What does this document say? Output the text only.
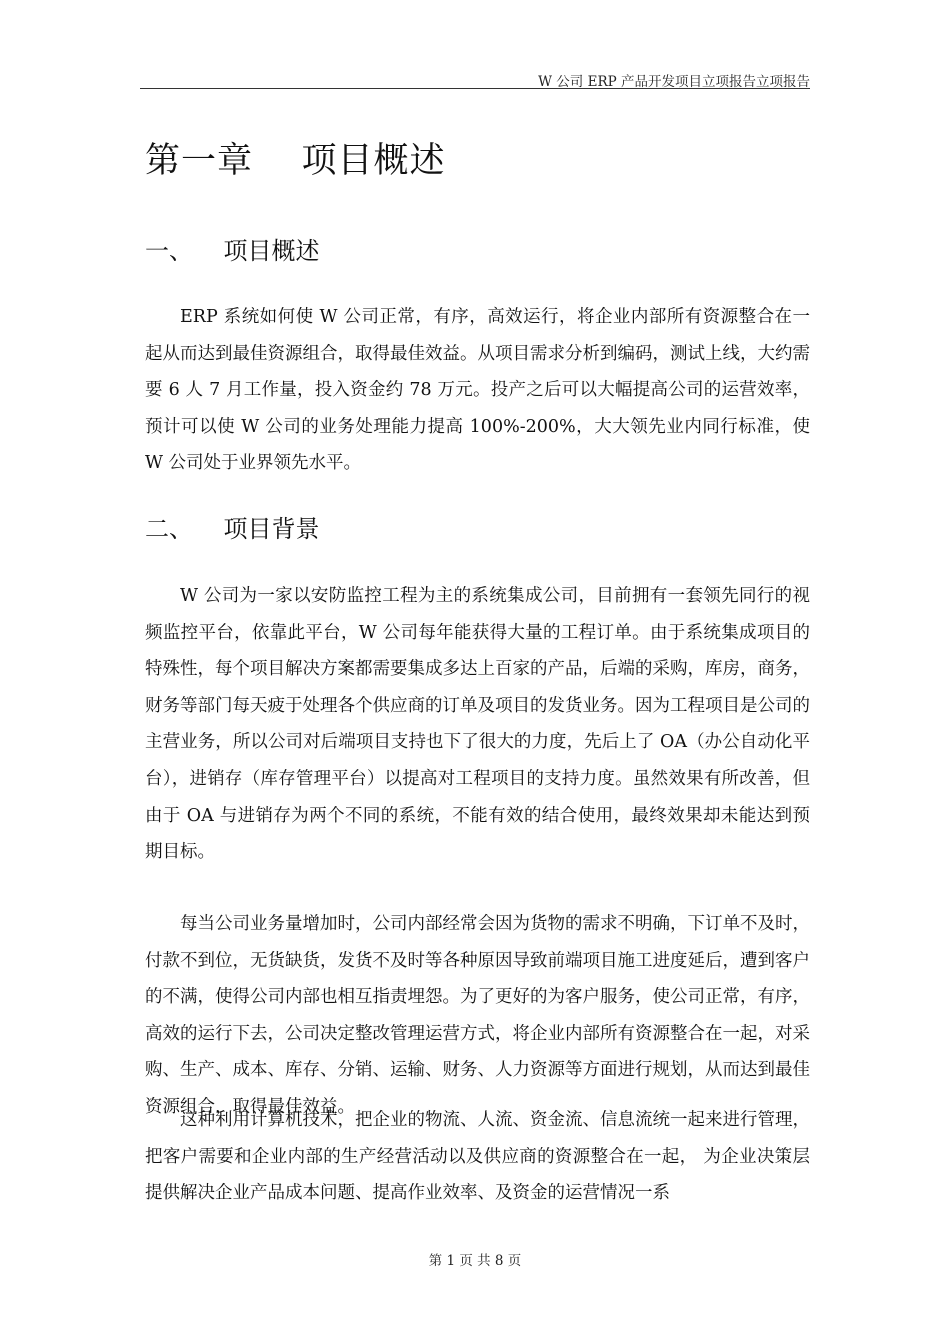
W 公司 ERP 产品开发项目立项报告立项报告
第一章    项目概述
一、    项目概述

ERP 系统如何使 W 公司正常，有序，高效运行，将企业内部所有资源整合在一起从而达到最佳资源组合，取得最佳效益。从项目需求分析到编码，测试上线，大约需要 6 人 7 月工作量，投入资金约 78 万元。投产之后可以大幅提高公司的运营效率，预计可以使 W 公司的业务处理能力提高 100%-200%，大大领先业内同行标准，使 W 公司处于业界领先水平。

二、    项目背景

W 公司为一家以安防监控工程为主的系统集成公司，目前拥有一套领先同行的视频监控平台，依靠此平台，W 公司每年能获得大量的工程订单。由于系统集成项目的特殊性，每个项目解决方案都需要集成多达上百家的产品，后端的采购，库房，商务，财务等部门每天疲于处理各个供应商的订单及项目的发货业务。因为工程项目是公司的主营业务，所以公司对后端项目支持也下了很大的力度，先后上了 OA（办公自动化平台），进销存（库存管理平台）以提高对工程项目的支持力度。虽然效果有所改善，但由于 OA 与进销存为两个不同的系统，不能有效的结合使用，最终效果却未能达到预期目标。

每当公司业务量增加时，公司内部经常会因为货物的需求不明确，下订单不及时，付款不到位，无货缺货，发货不及时等各种原因导致前端项目施工进度延后，遭到客户的不满，使得公司内部也相互指责埋怨。为了更好的为客户服务，使公司正常，有序，高效的运行下去，公司决定整改管理运营方式，将企业内部所有资源整合在一起，对采购、生产、成本、库存、分销、运输、财务、人力资源等方面进行规划，从而达到最佳资源组合，取得最佳效益。

这种利用计算机技术，把企业的物流、人流、资金流、信息流统一起来进行管理，把客户需要和企业内部的生产经营活动以及供应商的资源整合在一起， 为企业决策层提供解决企业产品成本问题、提高作业效率、及资金的运营情况一系

第 1 页 共 8 页
